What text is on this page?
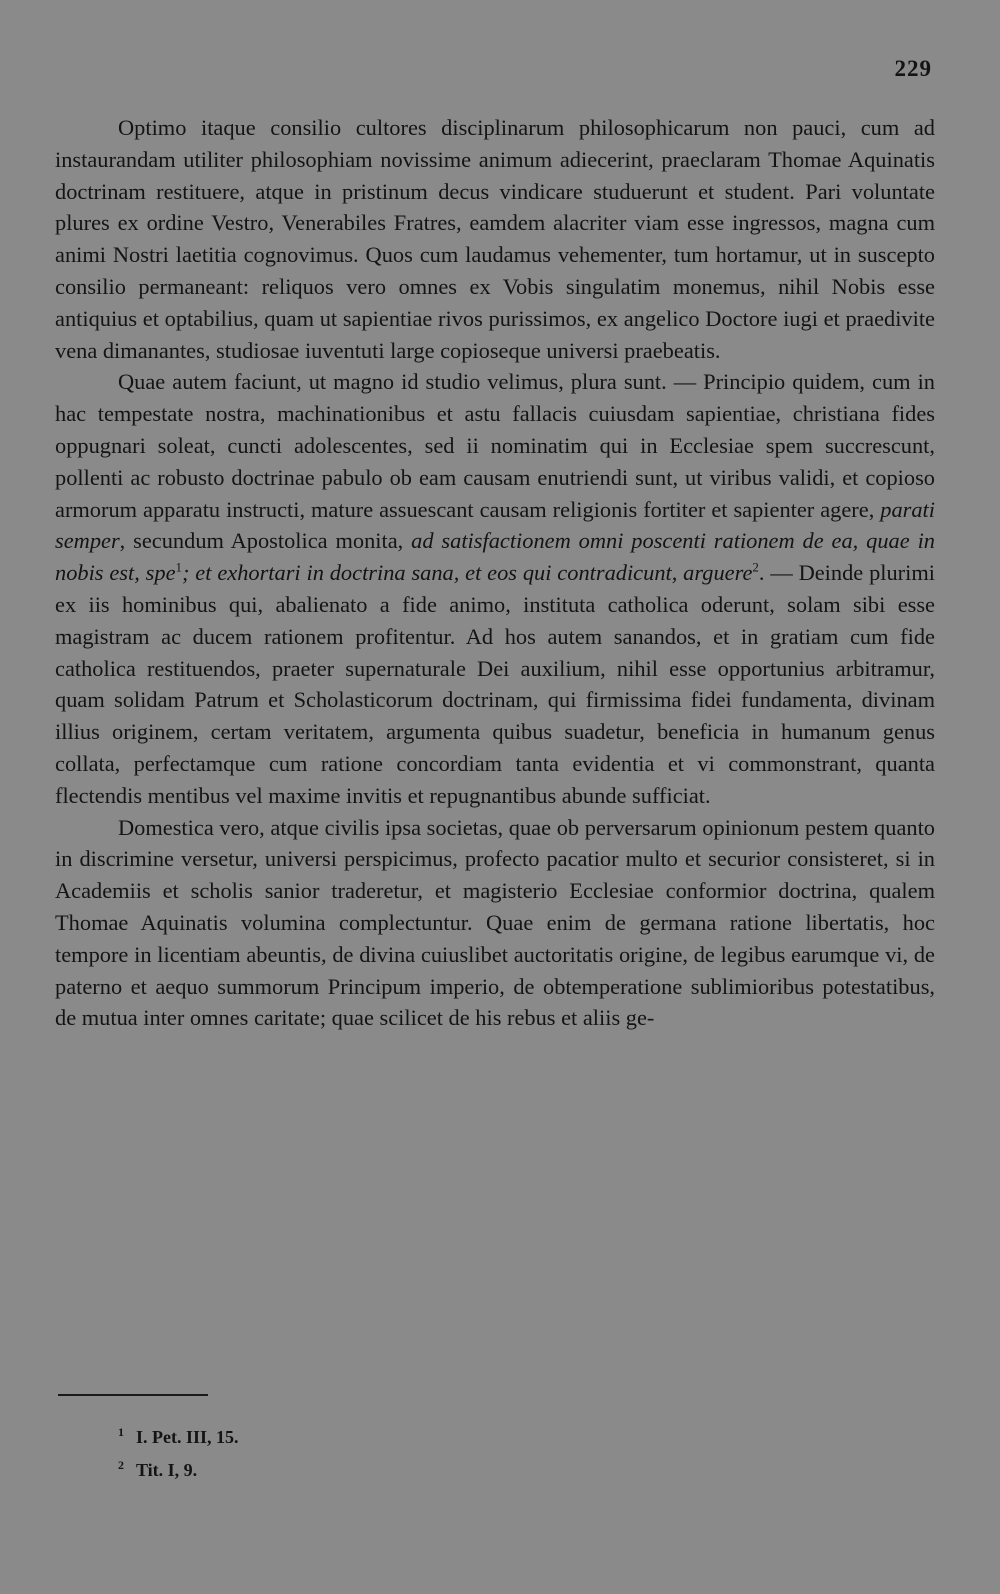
229

Optimo itaque consilio cultores disciplinarum philosophicarum non pauci, cum ad instaurandam utiliter philosophiam novissime animum adiecerint, praeclaram Thomae Aquinatis doctrinam restituere, atque in pristinum decus vindicare studuerunt et student. Pari voluntate plures ex ordine Vestro, Venerabiles Fratres, eamdem alacriter viam esse ingressos, magna cum animi Nostri laetitia cognovimus. Quos cum laudamus vehementer, tum hortamur, ut in suscepto consilio permaneant: reliquos vero omnes ex Vobis singulatim monemus, nihil Nobis esse antiquius et optabilius, quam ut sapientiae rivos purissimos, ex angelico Doctore iugi et praedivite vena dimanantes, studiosae iuventuti large copioseque universi praebeatis.

Quae autem faciunt, ut magno id studio velimus, plura sunt. — Principio quidem, cum in hac tempestate nostra, machinationibus et astu fallacis cuiusdam sapientiae, christiana fides oppugnari soleat, cuncti adolescentes, sed ii nominatim qui in Ecclesiae spem succrescunt, pollenti ac robusto doctrinae pabulo ob eam causam enutriendi sunt, ut viribus validi, et copioso armorum apparatu instructi, mature assuescant causam religionis fortiter et sapienter agere, parati semper, secundum Apostolica monita, ad satisfactionem omni poscenti rationem de ea, quae in nobis est, spe$^1$; et exhortari in doctrina sana, et eos qui contradicunt, arguere$^2$. — Deinde plurimi ex iis hominibus qui, abalienato a fide animo, instituta catholica oderunt, solam sibi esse magistram ac ducem rationem profitentur. Ad hos autem sanandos, et in gratiam cum fide catholica restituendos, praeter supernaturale Dei auxilium, nihil esse opportunius arbitramur, quam solidam Patrum et Scholasticorum doctrinam, qui firmissima fidei fundamenta, divinam illius originem, certam veritatem, argumenta quibus suadetur, beneficia in humanum genus collata, perfectamque cum ratione concordiam tanta evidentia et vi commonstrant, quanta flectendis mentibus vel maxime invitis et repugnantibus abunde sufficiat.

Domestica vero, atque civilis ipsa societas, quae ob perversarum opinionum pestem quanto in discrimine versetur, universi perspicimus, profecto pacatior multo et securior consisteret, si in Academiis et scholis sanior traderetur, et magisterio Ecclesiae conformior doctrina, qualem Thomae Aquinatis volumina complectuntur. Quae enim de germana ratione libertatis, hoc tempore in licentiam abeuntis, de divina cuiuslibet auctoritatis origine, de legibus earumque vi, de paterno et aequo summorum Principum imperio, de obtemperatione sublimioribus potestatibus, de mutua inter omnes caritate; quae scilicet de his rebus et aliis ge-

$^1$ I. Pet. III, 15.
$^2$ Tit. I, 9.
